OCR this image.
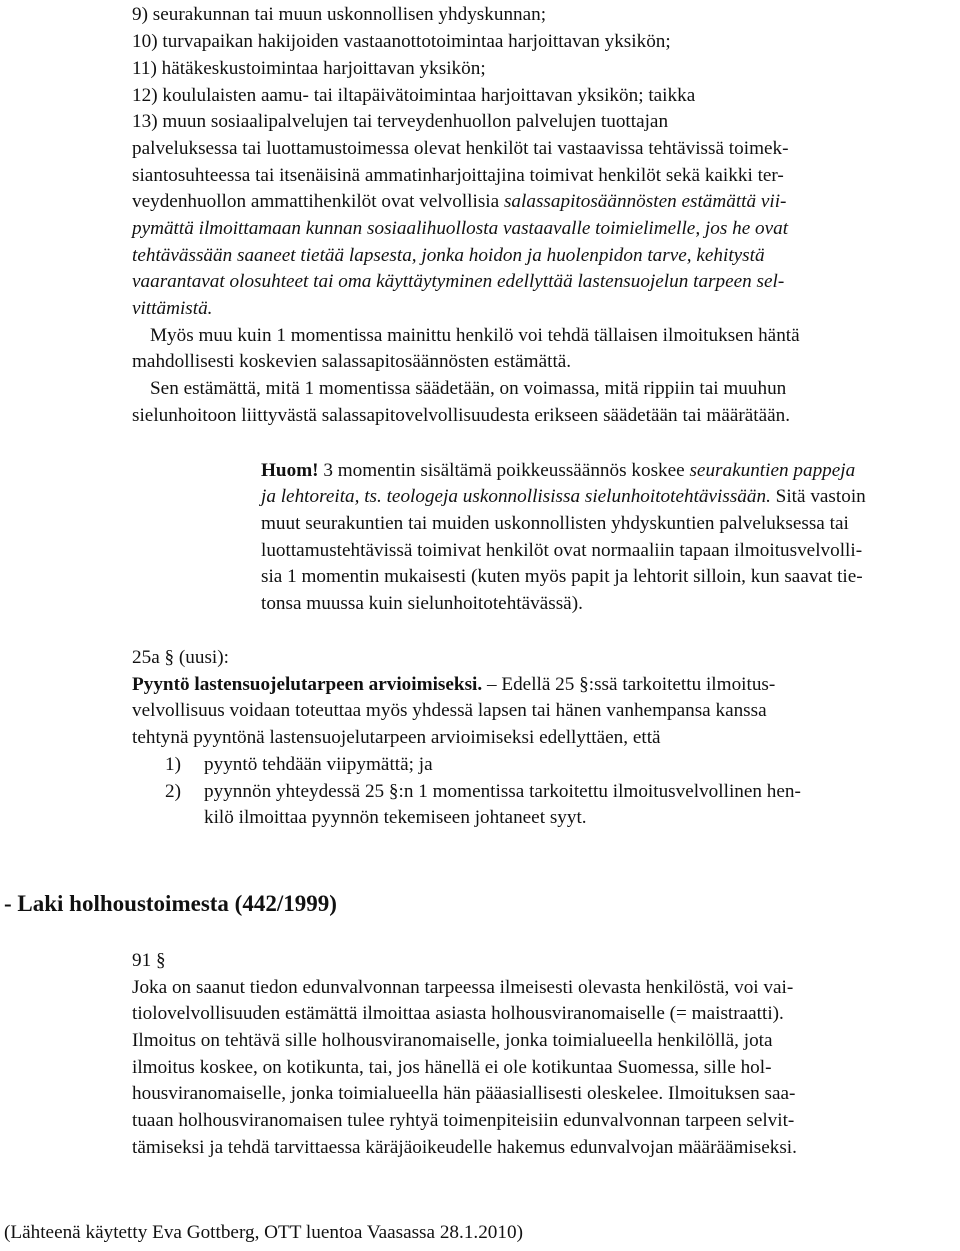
9) seurakunnan tai muun uskonnollisen yhdyskunnan;
10) turvapaikan hakijoiden vastaanottotoimintaa harjoittavan yksikön;
11) hätäkeskustoimintaa harjoittavan yksikön;
12) koululaisten aamu- tai iltapäivätoimintaa harjoittavan yksikön; taikka
13) muun sosiaalipalvelujen tai terveydenhuollon palvelujen tuottajan
palveluksessa tai luottamustoimessa olevat henkilöt tai vastaavissa tehtävissä toimek-
siantosuhteessa tai itsenäisinä ammatinharjoittajina toimivat henkilöt sekä kaikki ter-
veydenhuollon ammattihenkilöt ovat velvollisia salassapitosäännösten estämättä vii-
pymättä ilmoittamaan kunnan sosiaalihuollosta vastaavalle toimielimelle, jos he ovat
tehtävässään saaneet tietää lapsesta, jonka hoidon ja huolenpidon tarve, kehitystä
vaarantavat olosuhteet tai oma käyttäytyminen edellyttää lastensuojelun tarpeen sel-
vittämistä.
Myös muu kuin 1 momentissa mainittu henkilö voi tehdä tällaisen ilmoituksen häntä
mahdollisesti koskevien salassapitosäännösten estämättä.
Sen estämättä, mitä 1 momentissa säädetään, on voimassa, mitä rippiin tai muuhun
sielunhoitoon liittyvästä salassapitovelvollisuudesta erikseen säädetään tai määrätään.
Huom! 3 momentin sisältämä poikkeussäännös koskee seurakuntien pappeja
ja lehtoreita, ts. teologeja uskonnollisissa sielunhoitotehtävissään. Sitä vastoin
muut seurakuntien tai muiden uskonnollisten yhdyskuntien palveluksessa tai
luottamustehtävissä toimivat henkilöt ovat normaaliin tapaan ilmoitusvelvolli-
sia 1 momentin mukaisesti (kuten myös papit ja lehtorit silloin, kun saavat tie-
tonsa muussa kuin sielunhoitotehtävässä).
25a § (uusi):
Pyyntö lastensuojelutarpeen arvioimiseksi. – Edellä 25 §:ssä tarkoitettu ilmoitus-
velvollisuus voidaan toteuttaa myös yhdessä lapsen tai hänen vanhempansa kanssa
tehtynä pyyntönä lastensuojelutarpeen arvioimiseksi edellyttäen, että
1) pyyntö tehdään viipymättä; ja
2) pyynnön yhteydessä 25 §:n 1 momentissa tarkoitettu ilmoitusvelvollinen hen-
kilö ilmoittaa pyynnön tekemiseen johtaneet syyt.
- Laki holhoustoimesta (442/1999)
91 §
Joka on saanut tiedon edunvalvonnan tarpeessa ilmeisesti olevasta henkilöstä, voi vai-
tiolovelvollisuuden estämättä ilmoittaa asiasta holhousviranomaiselle (= maistraatti).
Ilmoitus on tehtävä sille holhousviranomaiselle, jonka toimialueella henkilöllä, jota
ilmoitus koskee, on kotikunta, tai, jos hänellä ei ole kotikuntaa Suomessa, sille hol-
housviranomaiselle, jonka toimialueella hän pääasiallisesti oleskelee. Ilmoituksen saa-
tuaan holhousviranomaisen tulee ryhtyä toimenpiteisiin edunvalvonnan tarpeen selvit-
tämiseksi ja tehdä tarvittaessa käräjäoikeudelle hakemus edunvalvojan määräämiseksi.
(Lähteenä käytetty Eva Gottberg, OTT luentoa Vaasassa 28.1.2010)
